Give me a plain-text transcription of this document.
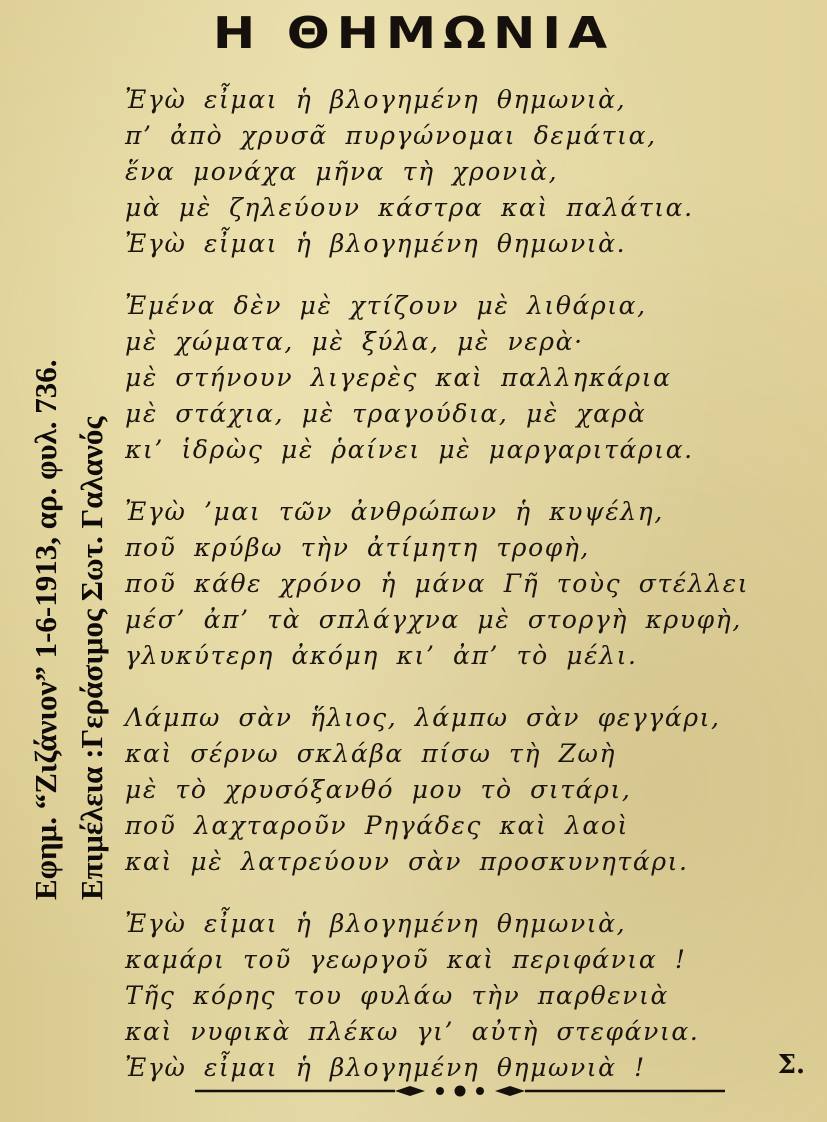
Η ΘΗΜΩΝΙΑ
Εφημ. “Ζιζάνιον” 1-6-1913, αρ. φυλ. 736. Επιμέλεια :Γεράσιμος Σωτ. Γαλανός
Ἐγὼ εἶμαι ἡ βλογημένη θημωνιὰ,
π’ ἀπὸ χρυσᾶ πυργώνομαι δεμάτια,
ἕνα μονάχα μῆνα τὴ χρονιὰ,
μὰ μὲ ζηλεύουν κάστρα καὶ παλάτια.
Ἐγὼ εἶμαι ἡ βλογημένη θημωνιὰ.
Ἐμένα δὲν μὲ χτίζουν μὲ λιθάρια,
μὲ χώματα, μὲ ξύλα, μὲ νερὰ·
μὲ στήνουν λιγερὲς καὶ παλληκάρια
μὲ στάχια, μὲ τραγούδια, μὲ χαρὰ
κι’ ἱδρὼς μὲ ῥαίνει μὲ μαργαριτάρια.
Ἐγὼ ’μαι τῶν ἀνθρώπων ἡ κυψέλη,
ποῦ κρύβω τὴν ἀτίμητη τροφὴ,
ποῦ κάθε χρόνο ἡ μάνα Γῆ τοὺς στέλλει
μέσ’ ἀπ’ τὰ σπλάγχνα μὲ στοργὴ κρυφὴ,
γλυκύτερη ἀκόμη κι’ ἀπ’ τὸ μέλι.
Λάμπω σὰν ἥλιος, λάμπω σὰν φεγγάρι,
καὶ σέρνω σκλάβα πίσω τὴ Ζωὴ
μὲ τὸ χρυσόξανθό μου τὸ σιτάρι,
ποῦ λαχταροῦν Ρηγάδες καὶ λαοὶ
καὶ μὲ λατρεύουν σὰν προσκυνητάρι.
Ἐγὼ εἶμαι ἡ βλογημένη θημωνιὰ,
καμάρι τοῦ γεωργοῦ καὶ περιφάνια !
Τῆς κόρης του φυλάω τὴν παρθενιὰ
καὶ νυφικὰ πλέκω γι’ αὐτὴ στεφάνια.
Ἐγὼ εἶμαι ἡ βλογημένη θημωνιὰ !	Σ.
